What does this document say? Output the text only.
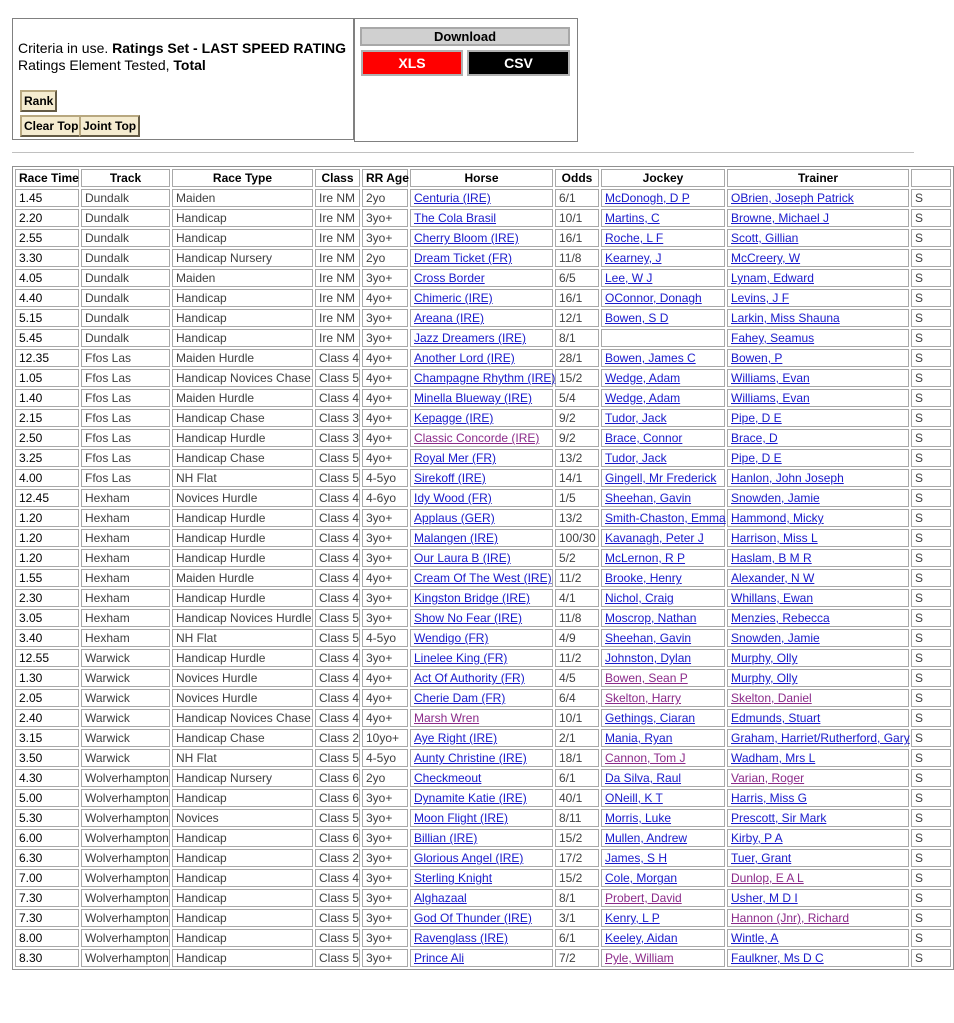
Criteria in use. Ratings Set - LAST SPEED RATING
Ratings Element Tested, Total
Rank
Clear Top Joint Top
Download
XLS	CSV
Race Time	Track	Race Type	Class	RR Age	Horse	Odds	Jockey	Trainer	
1.45	Dundalk	Maiden	Ire NM	2yo	Centuria (IRE)	6/1	McDonogh, D P	OBrien, Joseph Patrick	S
2.20	Dundalk	Handicap	Ire NM	3yo+	The Cola Brasil	10/1	Martins, C	Browne, Michael J	S
2.55	Dundalk	Handicap	Ire NM	3yo+	Cherry Bloom (IRE)	16/1	Roche, L F	Scott, Gillian	S
3.30	Dundalk	Handicap Nursery	Ire NM	2yo	Dream Ticket (FR)	11/8	Kearney, J	McCreery, W	S
4.05	Dundalk	Maiden	Ire NM	3yo+	Cross Border	6/5	Lee, W J	Lynam, Edward	S
4.40	Dundalk	Handicap	Ire NM	4yo+	Chimeric (IRE)	16/1	OConnor, Donagh	Levins, J F	S
5.15	Dundalk	Handicap	Ire NM	3yo+	Areana (IRE)	12/1	Bowen, S D	Larkin, Miss Shauna	S
5.45	Dundalk	Handicap	Ire NM	3yo+	Jazz Dreamers (IRE)	8/1		Fahey, Seamus	S
12.35	Ffos Las	Maiden Hurdle	Class 4	4yo+	Another Lord (IRE)	28/1	Bowen, James C	Bowen, P	S
1.05	Ffos Las	Handicap Novices Chase	Class 5	4yo+	Champagne Rhythm (IRE)	15/2	Wedge, Adam	Williams, Evan	S
1.40	Ffos Las	Maiden Hurdle	Class 4	4yo+	Minella Blueway (IRE)	5/4	Wedge, Adam	Williams, Evan	S
2.15	Ffos Las	Handicap Chase	Class 3	4yo+	Kepagge (IRE)	9/2	Tudor, Jack	Pipe, D E	S
2.50	Ffos Las	Handicap Hurdle	Class 3	4yo+	Classic Concorde (IRE)	9/2	Brace, Connor	Brace, D	S
3.25	Ffos Las	Handicap Chase	Class 5	4yo+	Royal Mer (FR)	13/2	Tudor, Jack	Pipe, D E	S
4.00	Ffos Las	NH Flat	Class 5	4-5yo	Sirekoff (IRE)	14/1	Gingell, Mr Frederick	Hanlon, John Joseph	S
12.45	Hexham	Novices Hurdle	Class 4	4-6yo	Idy Wood (FR)	1/5	Sheehan, Gavin	Snowden, Jamie	S
1.20	Hexham	Handicap Hurdle	Class 4	3yo+	Applaus (GER)	13/2	Smith-Chaston, Emma	Hammond, Micky	S
1.20	Hexham	Handicap Hurdle	Class 4	3yo+	Malangen (IRE)	100/30	Kavanagh, Peter J	Harrison, Miss L	S
1.20	Hexham	Handicap Hurdle	Class 4	3yo+	Our Laura B (IRE)	5/2	McLernon, R P	Haslam, B M R	S
1.55	Hexham	Maiden Hurdle	Class 4	4yo+	Cream Of The West (IRE)	11/2	Brooke, Henry	Alexander, N W	S
2.30	Hexham	Handicap Hurdle	Class 4	3yo+	Kingston Bridge (IRE)	4/1	Nichol, Craig	Whillans, Ewan	S
3.05	Hexham	Handicap Novices Hurdle	Class 5	3yo+	Show No Fear (IRE)	11/8	Moscrop, Nathan	Menzies, Rebecca	S
3.40	Hexham	NH Flat	Class 5	4-5yo	Wendigo (FR)	4/9	Sheehan, Gavin	Snowden, Jamie	S
12.55	Warwick	Handicap Hurdle	Class 4	3yo+	Linelee King (FR)	11/2	Johnston, Dylan	Murphy, Olly	S
1.30	Warwick	Novices Hurdle	Class 4	4yo+	Act Of Authority (FR)	4/5	Bowen, Sean P	Murphy, Olly	S
2.05	Warwick	Novices Hurdle	Class 4	4yo+	Cherie Dam (FR)	6/4	Skelton, Harry	Skelton, Daniel	S
2.40	Warwick	Handicap Novices Chase	Class 4	4yo+	Marsh Wren	10/1	Gethings, Ciaran	Edmunds, Stuart	S
3.15	Warwick	Handicap Chase	Class 2	10yo+	Aye Right (IRE)	2/1	Mania, Ryan	Graham, Harriet/Rutherford, Gary	S
3.50	Warwick	NH Flat	Class 5	4-5yo	Aunty Christine (IRE)	18/1	Cannon, Tom J	Wadham, Mrs L	S
4.30	Wolverhampton	Handicap Nursery	Class 6	2yo	Checkmeout	6/1	Da Silva, Raul	Varian, Roger	S
5.00	Wolverhampton	Handicap	Class 6	3yo+	Dynamite Katie (IRE)	40/1	ONeill, K T	Harris, Miss G	S
5.30	Wolverhampton	Novices	Class 5	3yo+	Moon Flight (IRE)	8/11	Morris, Luke	Prescott, Sir Mark	S
6.00	Wolverhampton	Handicap	Class 6	3yo+	Billian (IRE)	15/2	Mullen, Andrew	Kirby, P A	S
6.30	Wolverhampton	Handicap	Class 2	3yo+	Glorious Angel (IRE)	17/2	James, S H	Tuer, Grant	S
7.00	Wolverhampton	Handicap	Class 4	3yo+	Sterling Knight	15/2	Cole, Morgan	Dunlop, E A L	S
7.30	Wolverhampton	Handicap	Class 5	3yo+	Alghazaal	8/1	Probert, David	Usher, M D I	S
7.30	Wolverhampton	Handicap	Class 5	3yo+	God Of Thunder (IRE)	3/1	Kenry, L P	Hannon (Jnr), Richard	S
8.00	Wolverhampton	Handicap	Class 5	3yo+	Ravenglass (IRE)	6/1	Keeley, Aidan	Wintle, A	S
8.30	Wolverhampton	Handicap	Class 5	3yo+	Prince Ali	7/2	Pyle, William	Faulkner, Ms D C	S
